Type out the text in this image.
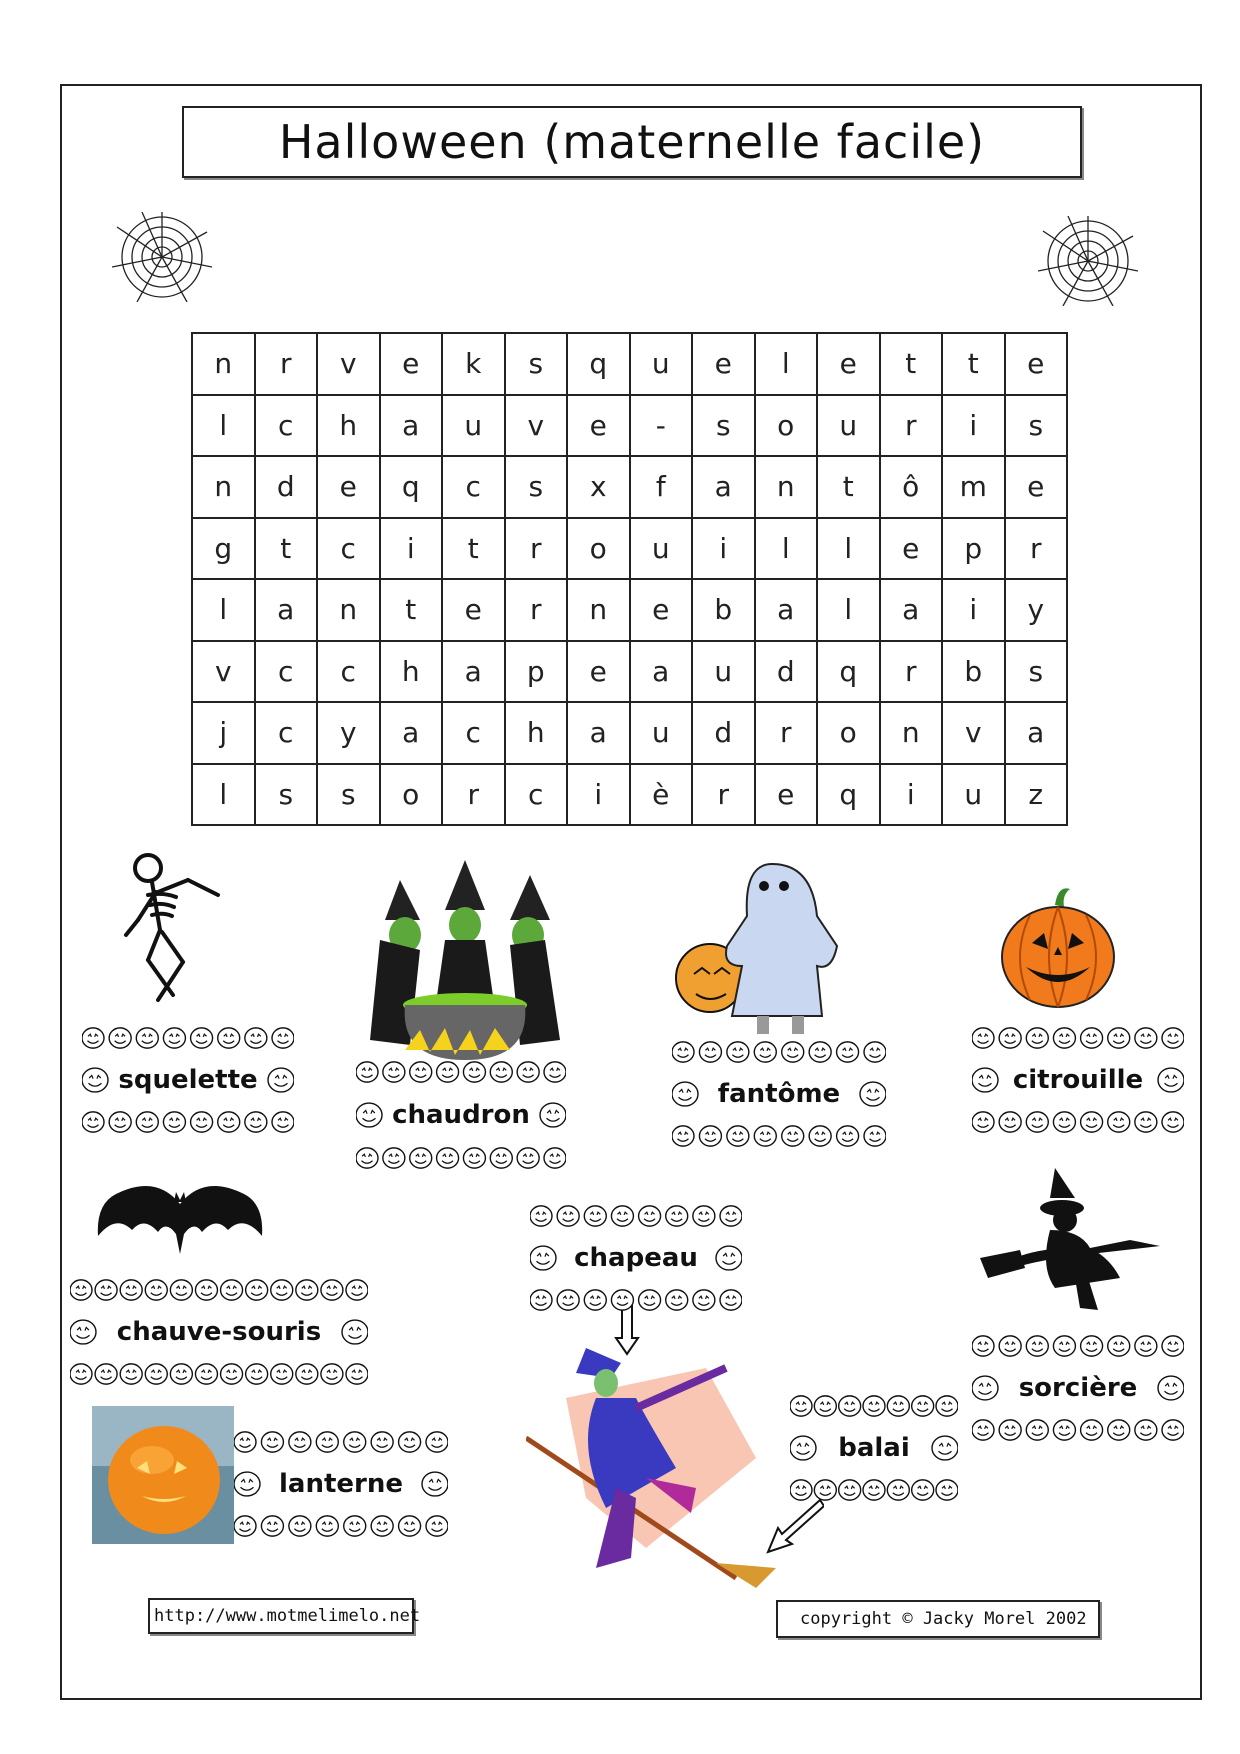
Halloween (maternelle facile)
n	r	v	e	k	s	q	u	e	l	e	t	t	e
l	c	h	a	u	v	e	-	s	o	u	r	i	s
n	d	e	q	c	s	x	f	a	n	t	ô	m	e
g	t	c	i	t	r	o	u	i	l	l	e	p	r
l	a	n	t	e	r	n	e	b	a	l	a	i	y
v	c	c	h	a	p	e	a	u	d	q	r	b	s
j	c	y	a	c	h	a	u	d	r	o	n	v	a
l	s	s	o	r	c	i	è	r	e	q	i	u	z
squelette
chaudron
fantôme	citrouille
chauve-souris
chapeau
sorcière
balai
lanterne
http://www.motmelimelo.net	copyright © Jacky Morel 2002
